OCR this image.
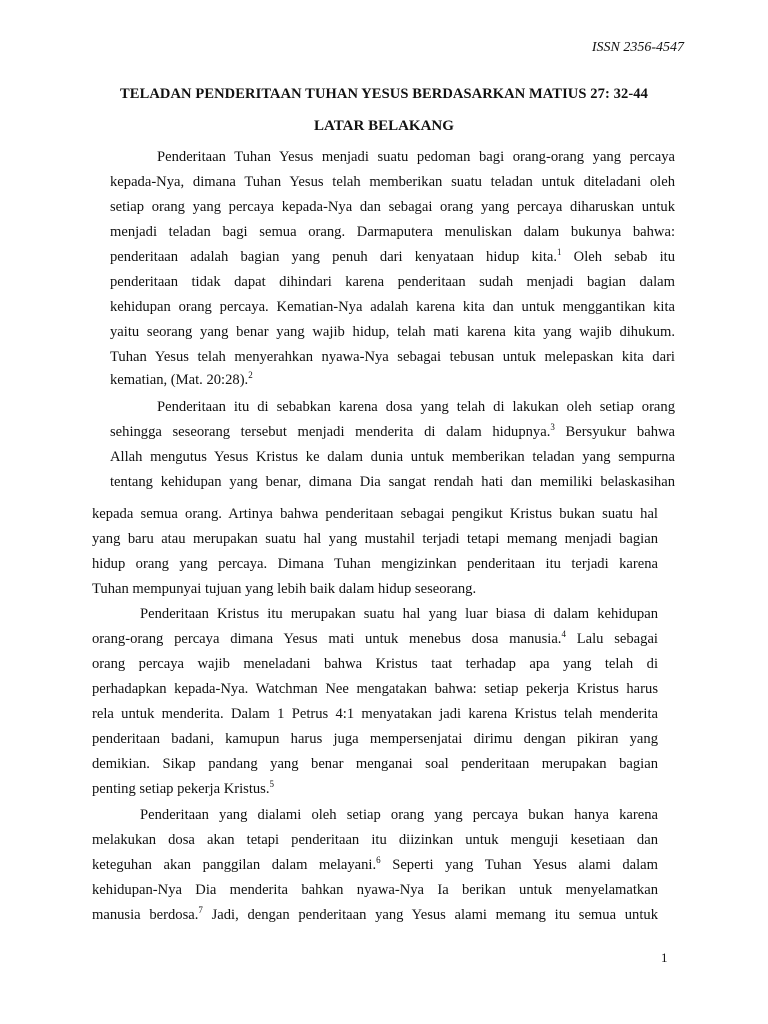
ISSN 2356-4547
TELADAN PENDERITAAN TUHAN YESUS BERDASARKAN MATIUS 27: 32-44
LATAR BELAKANG
Penderitaan Tuhan Yesus menjadi suatu pedoman bagi orang-orang yang percaya
kepada-Nya, dimana Tuhan Yesus telah memberikan suatu teladan untuk diteladani oleh
setiap orang yang percaya kepada-Nya dan sebagai orang yang percaya diharuskan untuk
menjadi teladan bagi semua orang. Darmaputera menuliskan dalam bukunya bahwa:
penderitaan adalah bagian yang penuh dari kenyataan hidup kita.$^1$ Oleh sebab itu
penderitaan tidak dapat dihindari karena penderitaan sudah menjadi bagian dalam
kehidupan orang percaya. Kematian-Nya adalah karena kita dan untuk menggantikan kita
yaitu seorang yang benar yang wajib hidup, telah mati karena kita yang wajib dihukum.
Tuhan Yesus telah menyerahkan nyawa-Nya sebagai tebusan untuk melepaskan kita dari
kematian, (Mat. 20:28).$^2$
Penderitaan itu di sebabkan karena dosa yang telah di lakukan oleh setiap orang
sehingga seseorang tersebut menjadi menderita di dalam hidupnya.$^3$ Bersyukur bahwa
Allah mengutus Yesus Kristus ke dalam dunia untuk memberikan teladan yang sempurna
tentang kehidupan yang benar, dimana Dia sangat rendah hati dan memiliki belaskasihan
kepada semua orang. Artinya bahwa penderitaan sebagai pengikut Kristus bukan suatu hal
yang baru atau merupakan suatu hal yang mustahil terjadi tetapi memang menjadi bagian
hidup orang yang percaya. Dimana Tuhan mengizinkan penderitaan itu terjadi karena
Tuhan mempunyai tujuan yang lebih baik dalam hidup seseorang.
Penderitaan Kristus itu merupakan suatu hal yang luar biasa di dalam kehidupan
orang-orang percaya dimana Yesus mati untuk menebus dosa manusia.$^4$ Lalu sebagai
orang percaya wajib meneladani bahwa Kristus taat terhadap apa yang telah di
perhadapkan kepada-Nya. Watchman Nee mengatakan bahwa: setiap pekerja Kristus harus
rela untuk menderita. Dalam 1 Petrus 4:1 menyatakan jadi karena Kristus telah menderita
penderitaan badani, kamupun harus juga mempersenjatai dirimu dengan pikiran yang
demikian. Sikap pandang yang benar menganai soal penderitaan merupakan bagian
penting setiap pekerja Kristus.$^5$
Penderitaan yang dialami oleh setiap orang yang percaya bukan hanya karena
melakukan dosa akan tetapi penderitaan itu diizinkan untuk menguji kesetiaan dan
keteguhan akan panggilan dalam melayani.$^6$ Seperti yang Tuhan Yesus alami dalam
kehidupan-Nya Dia menderita bahkan nyawa-Nya Ia berikan untuk menyelamatkan
manusia berdosa.$^7$ Jadi, dengan penderitaan yang Yesus alami memang itu semua untuk
1
